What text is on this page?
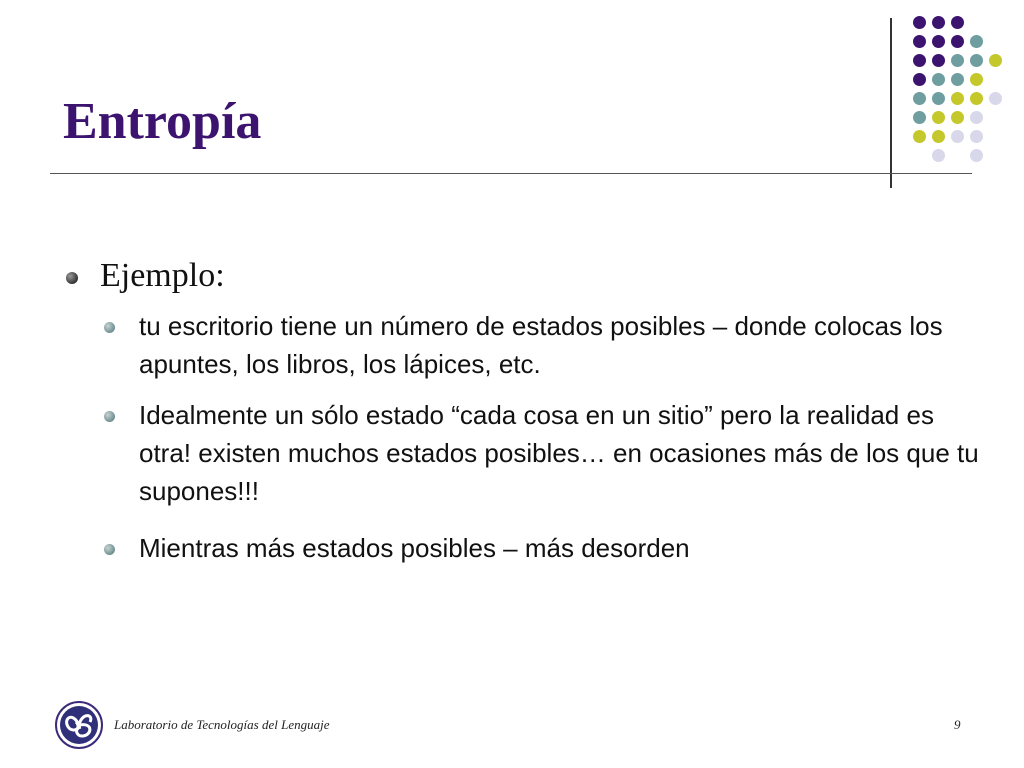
Entropía
Ejemplo:
tu escritorio tiene un número de estados posibles – donde colocas los apuntes, los libros, los lápices, etc.
Idealmente un sólo estado “cada cosa en un sitio” pero la realidad es otra! existen muchos estados posibles… en ocasiones más de los que tu supones!!!
Mientras más estados posibles – más desorden
Laboratorio de Tecnologías del Lenguaje	9
